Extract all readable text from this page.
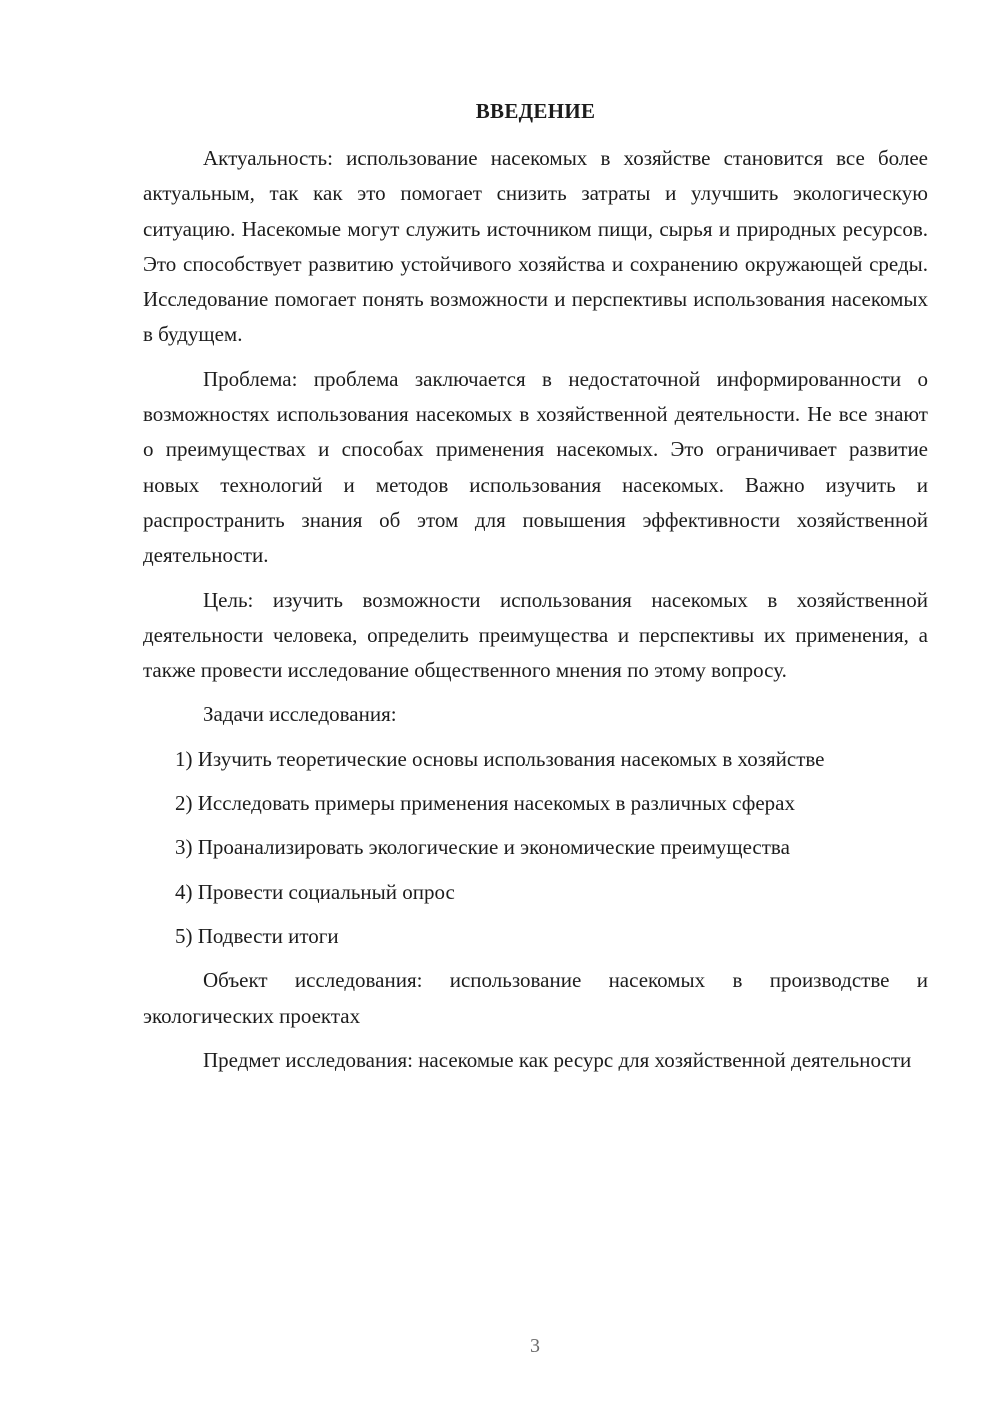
ВВЕДЕНИЕ

Актуальность: использование насекомых в хозяйстве становится все более актуальным, так как это помогает снизить затраты и улучшить экологическую ситуацию. Насекомые могут служить источником пищи, сырья и природных ресурсов. Это способствует развитию устойчивого хозяйства и сохранению окружающей среды. Исследование помогает понять возможности и перспективы использования насекомых в будущем.

Проблема: проблема заключается в недостаточной информированности о возможностях использования насекомых в хозяйственной деятельности. Не все знают о преимуществах и способах применения насекомых. Это ограничивает развитие новых технологий и методов использования насекомых. Важно изучить и распространить знания об этом для повышения эффективности хозяйственной деятельности.

Цель: изучить возможности использования насекомых в хозяйственной деятельности человека, определить преимущества и перспективы их применения, а также провести исследование общественного мнения по этому вопросу.

Задачи исследования:

1) Изучить теоретические основы использования насекомых в хозяйстве

2) Исследовать примеры применения насекомых в различных сферах

3) Проанализировать экологические и экономические преимущества

4) Провести социальный опрос

5) Подвести итоги

Объект исследования: использование насекомых в производстве и экологических проектах

Предмет исследования: насекомые как ресурс для хозяйственной деятельности

3
